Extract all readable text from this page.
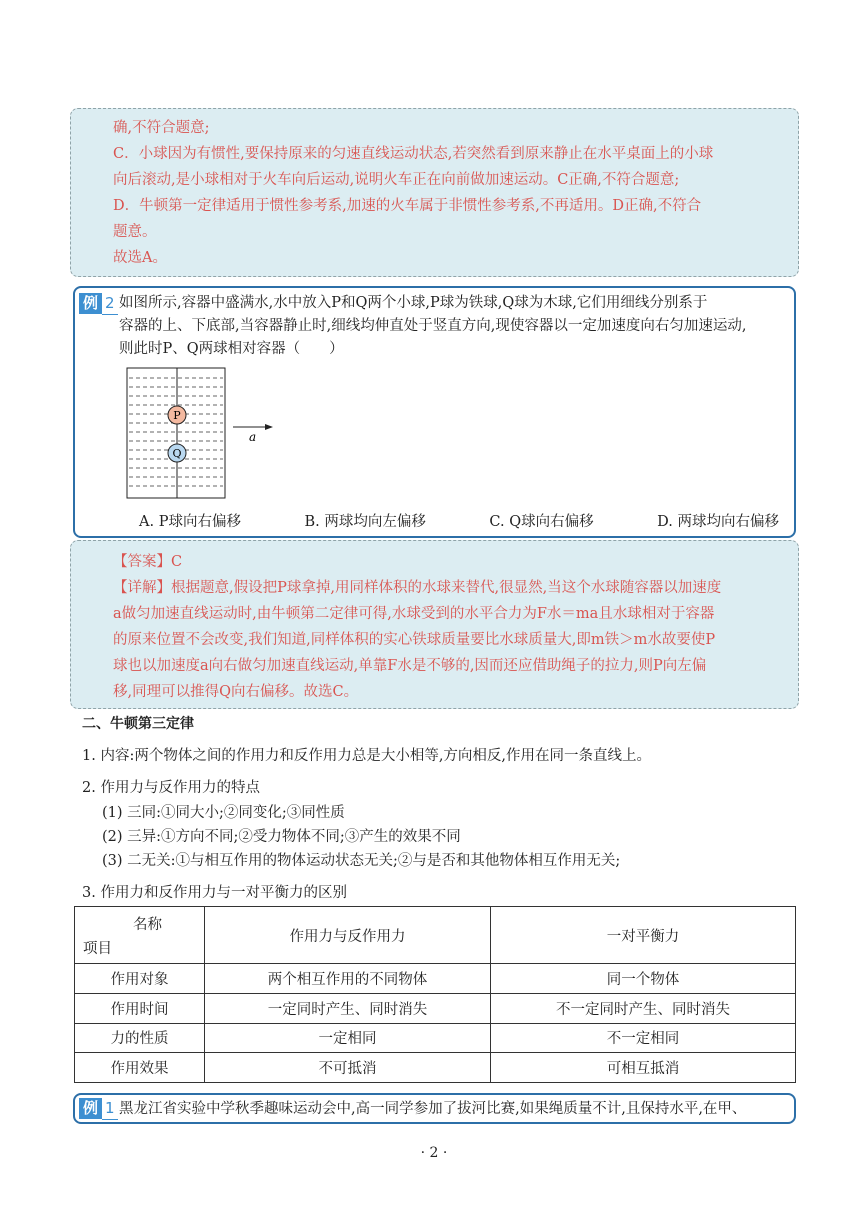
确,不符合题意;

C．小球因为有惯性,要保持原来的匀速直线运动状态,若突然看到原来静止在水平桌面上的小球

向后滚动,是小球相对于火车向后运动,说明火车正在向前做加速运动。C正确,不符合题意;

D．牛顿第一定律适用于惯性参考系,加速的火车属于非惯性参考系,不再适用。D正确,不符合

题意。

故选A。

例 2 如图所示,容器中盛满水,水中放入P和Q两个小球,P球为铁球,Q球为木球,它们用细线分别系于
容器的上、下底部,当容器静止时,细线均伸直处于竖直方向,现使容器以一定加速度向右匀加速运动,
则此时P、Q两球相对容器（　　）
P
Q
a
A. P球向右偏移	B. 两球均向左偏移	C. Q球向右偏移	D. 两球均向右偏移

【答案】C

【详解】根据题意,假设把P球拿掉,用同样体积的水球来替代,很显然,当这个水球随容器以加速度

a做匀加速直线运动时,由牛顿第二定律可得,水球受到的水平合力为F水＝ma且水球相对于容器

的原来位置不会改变,我们知道,同样体积的实心铁球质量要比水球质量大,即m铁＞m水故要使P

球也以加速度a向右做匀加速直线运动,单靠F水是不够的,因而还应借助绳子的拉力,则P向左偏

移,同理可以推得Q向右偏移。故选C。

二、牛顿第三定律
1. 内容:两个物体之间的作用力和反作用力总是大小相等,方向相反,作用在同一条直线上。
2. 作用力与反作用力的特点
(1) 三同:①同大小;②同变化;③同性质
(2) 三异:①方向不同;②受力物体不同;③产生的效果不同
(3) 二无关:①与相互作用的物体运动状态无关;②与是否和其他物体相互作用无关;
3. 作用力和反作用力与一对平衡力的区别
名称
项目	作用力与反作用力	一对平衡力
作用对象	两个相互作用的不同物体	同一个物体
作用时间	一定同时产生、同时消失	不一定同时产生、同时消失
力的性质	一定相同	不一定相同
作用效果	不可抵消	可相互抵消
例 1 黑龙江省实验中学秋季趣味运动会中,高一同学参加了拔河比赛,如果绳质量不计,且保持水平,在甲、
· 2 ·
